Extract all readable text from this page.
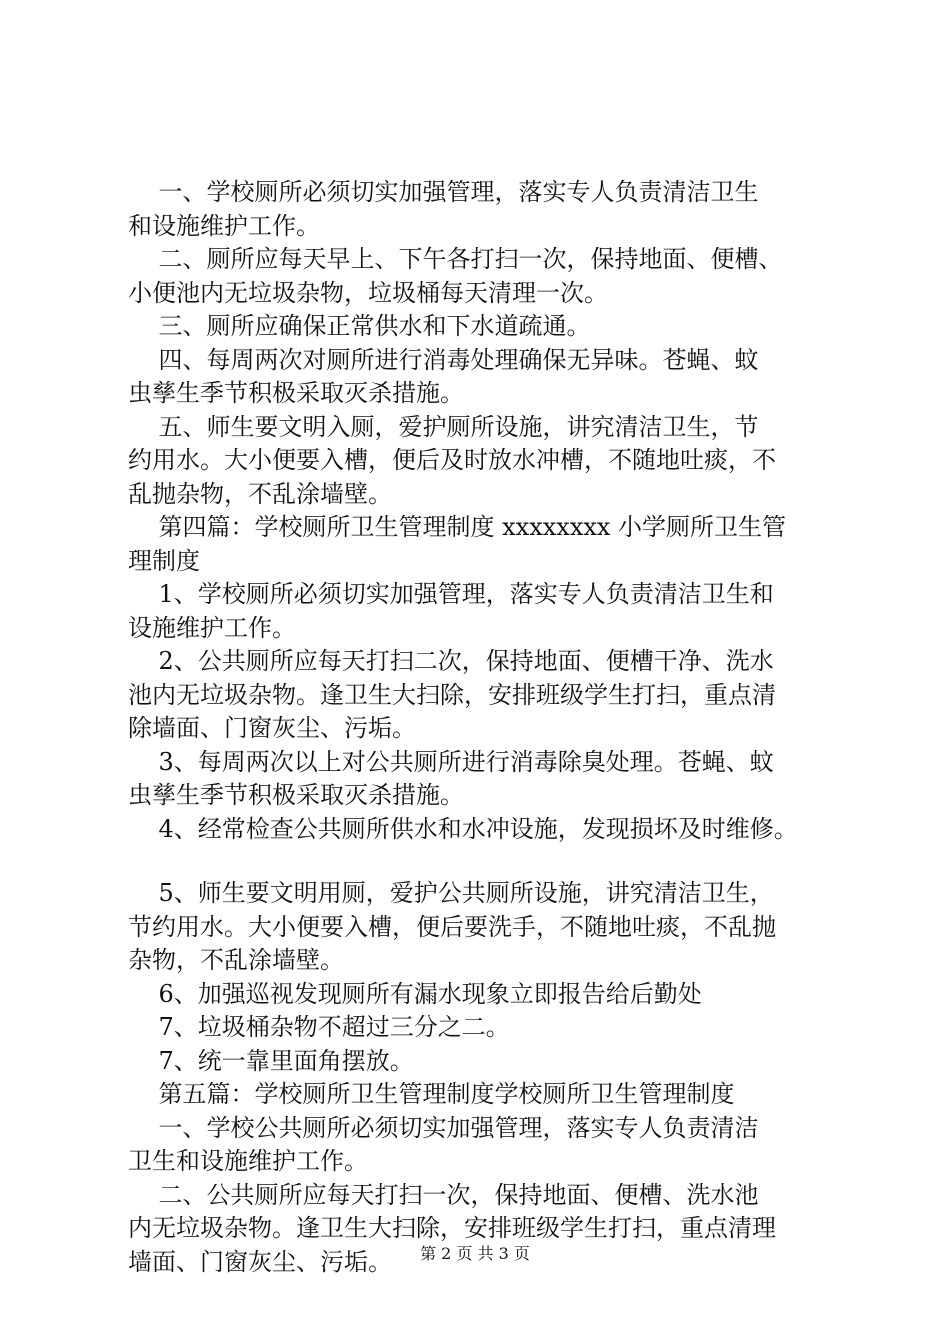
一、学校厕所必须切实加强管理，落实专人负责清洁卫生
和设施维护工作。
二、厕所应每天早上、下午各打扫一次，保持地面、便槽、
小便池内无垃圾杂物，垃圾桶每天清理一次。
三、厕所应确保正常供水和下水道疏通。
四、每周两次对厕所进行消毒处理确保无异味。苍蝇、蚊
虫孳生季节积极采取灭杀措施。
五、师生要文明入厕，爱护厕所设施，讲究清洁卫生，节
约用水。大小便要入槽，便后及时放水冲槽，不随地吐痰，不
乱抛杂物，不乱涂墙壁。
第四篇：学校厕所卫生管理制度 xxxxxxxx 小学厕所卫生管
理制度
1、学校厕所必须切实加强管理，落实专人负责清洁卫生和
设施维护工作。
2、公共厕所应每天打扫二次，保持地面、便槽干净、洗水
池内无垃圾杂物。逢卫生大扫除，安排班级学生打扫，重点清
除墙面、门窗灰尘、污垢。
3、每周两次以上对公共厕所进行消毒除臭处理。苍蝇、蚊
虫孳生季节积极采取灭杀措施。
4、经常检查公共厕所供水和水冲设施，发现损坏及时维修。
5、师生要文明用厕，爱护公共厕所设施，讲究清洁卫生，
节约用水。大小便要入槽，便后要洗手，不随地吐痰，不乱抛
杂物，不乱涂墙壁。
6、加强巡视发现厕所有漏水现象立即报告给后勤处
7、垃圾桶杂物不超过三分之二。
7、统一靠里面角摆放。
第五篇：学校厕所卫生管理制度学校厕所卫生管理制度
一、学校公共厕所必须切实加强管理，落实专人负责清洁
卫生和设施维护工作。
二、公共厕所应每天打扫一次，保持地面、便槽、洗水池
内无垃圾杂物。逢卫生大扫除，安排班级学生打扫，重点清理
墙面、门窗灰尘、污垢。	第 2 页 共 3 页
